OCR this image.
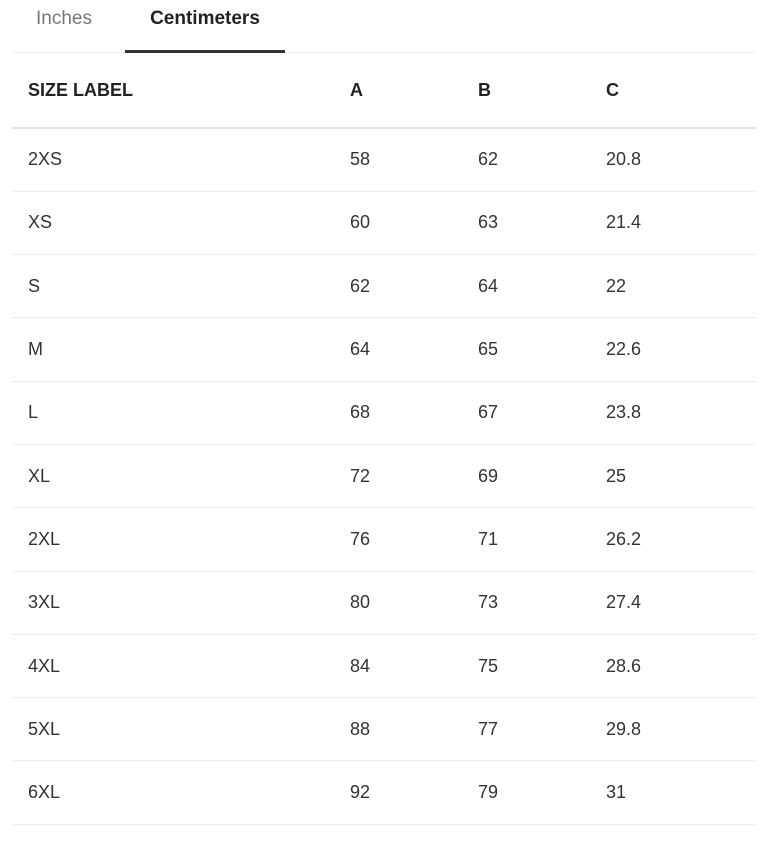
Inches	Centimeters
SIZE LABEL	A	B	C
2XS	58	62	20.8
XS	60	63	21.4
S	62	64	22
M	64	65	22.6
L	68	67	23.8
XL	72	69	25
2XL	76	71	26.2
3XL	80	73	27.4
4XL	84	75	28.6
5XL	88	77	29.8
6XL	92	79	31
